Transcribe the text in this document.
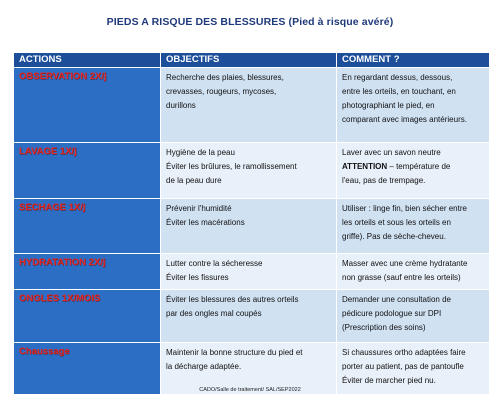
PIEDS A RISQUE DES BLESSURES (Pied à risque avéré)
ACTIONS	OBJECTIFS	COMMENT ?
OBSERVATION 2X/j	Recherche des plaies, blessures,
crevasses, rougeurs, mycoses,
durillons	En regardant dessus, dessous,
entre les orteils, en touchant, en
photographiant le pied, en
comparant avec images antérieurs.

LAVAGE 1X/j	Hygiène de la peau
Éviter les brûlures, le ramollissement
de la peau dure	Laver avec un savon neutre
ATTENTION – température de
l'eau, pas de trempage.

SECHAGE 1X/j	Prévenir l'humidité
Éviter les macérations	Utiliser : linge fin, bien sécher entre
les orteils et sous les orteils en
griffe). Pas de sèche-cheveu.

HYDRATATION 2X/j	Lutter contre la sécheresse
Éviter les fissures	Masser avec une crème hydratante
non grasse (sauf entre les orteils)

ONGLES 1X/MOIS	Éviter les blessures des autres orteils
par des ongles mal coupés	Demander une consultation de
pédicure podologue sur DPI
(Prescription des soins)

Chaussage	Maintenir la bonne structure du pied et
la décharge adaptée.	Si chaussures ortho adaptées faire
porter au patient, pas de pantoufle
Éviter de marcher pied nu.
CADO/Salle de traitement/ SAL/SEP2022
